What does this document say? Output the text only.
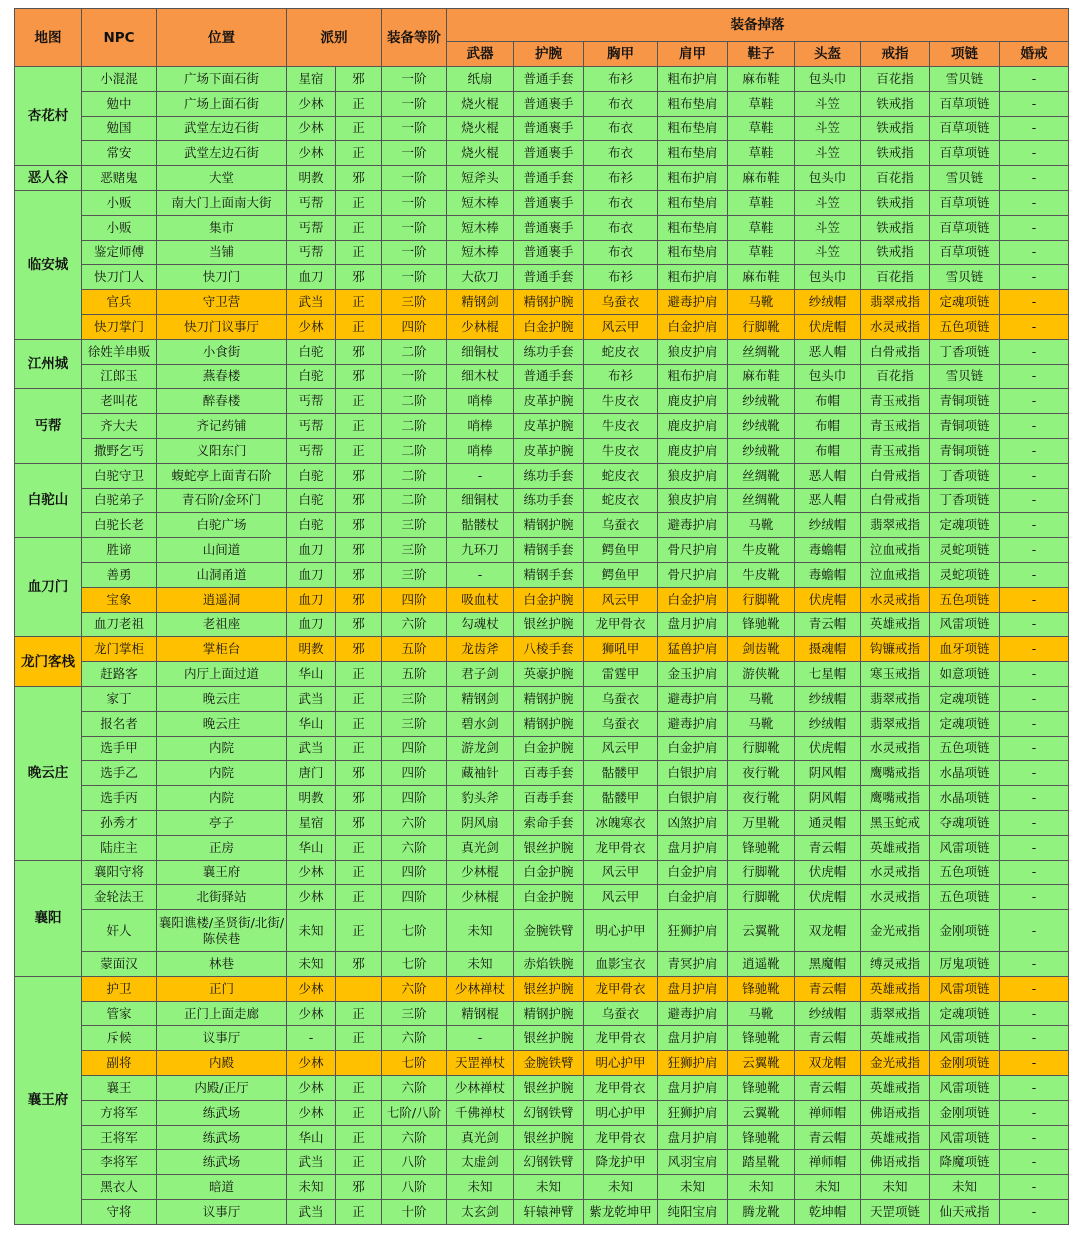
地图	NPC	位置	派别		装备等阶	装备掉落								
						武器	护腕	胸甲	肩甲	鞋子	头盔	戒指	项链	婚戒
杏花村	小混混	广场下面石街	星宿	邪	一阶	纸扇	普通手套	布衫	粗布护肩	麻布鞋	包头巾	百花指	雪贝链	-
	勉中	广场上面石街	少林	正	一阶	烧火棍	普通裹手	布衣	粗布垫肩	草鞋	斗笠	铁戒指	百草项链	-
	勉国	武堂左边石街	少林	正	一阶	烧火棍	普通裹手	布衣	粗布垫肩	草鞋	斗笠	铁戒指	百草项链	-
	常安	武堂左边石街	少林	正	一阶	烧火棍	普通裹手	布衣	粗布垫肩	草鞋	斗笠	铁戒指	百草项链	-
恶人谷	恶赌鬼	大堂	明教	邪	一阶	短斧头	普通手套	布衫	粗布护肩	麻布鞋	包头巾	百花指	雪贝链	-
临安城	小贩	南大门上面南大街	丐帮	正	一阶	短木棒	普通裹手	布衣	粗布垫肩	草鞋	斗笠	铁戒指	百草项链	-
	小贩	集市	丐帮	正	一阶	短木棒	普通裹手	布衣	粗布垫肩	草鞋	斗笠	铁戒指	百草项链	-
	鉴定师傅	当铺	丐帮	正	一阶	短木棒	普通裹手	布衣	粗布垫肩	草鞋	斗笠	铁戒指	百草项链	-
	快刀门人	快刀门	血刀	邪	一阶	大砍刀	普通手套	布衫	粗布护肩	麻布鞋	包头巾	百花指	雪贝链	-
	官兵	守卫营	武当	正	三阶	精钢剑	精钢护腕	乌蚕衣	避毒护肩	马靴	纱绒帽	翡翠戒指	定魂项链	-
	快刀掌门	快刀门议事厅	少林	正	四阶	少林棍	白金护腕	风云甲	白金护肩	行脚靴	伏虎帽	水灵戒指	五色项链	-
江州城	徐姓羊串贩	小食街	白驼	邪	二阶	细铜杖	练功手套	蛇皮衣	狼皮护肩	丝绸靴	恶人帽	白骨戒指	丁香项链	-
	江郎玉	燕春楼	白驼	邪	一阶	细木杖	普通手套	布衫	粗布护肩	麻布鞋	包头巾	百花指	雪贝链	-
丐帮	老叫花	醉春楼	丐帮	正	二阶	哨棒	皮革护腕	牛皮衣	鹿皮护肩	纱绒靴	布帽	青玉戒指	青铜项链	-
	齐大夫	齐记药铺	丐帮	正	二阶	哨棒	皮革护腕	牛皮衣	鹿皮护肩	纱绒靴	布帽	青玉戒指	青铜项链	-
	撒野乞丐	义阳东门	丐帮	正	二阶	哨棒	皮革护腕	牛皮衣	鹿皮护肩	纱绒靴	布帽	青玉戒指	青铜项链	-
白驼山	白驼守卫	蝮蛇亭上面青石阶	白驼	邪	二阶	-	练功手套	蛇皮衣	狼皮护肩	丝绸靴	恶人帽	白骨戒指	丁香项链	-
	白驼弟子	青石阶/金环门	白驼	邪	二阶	细铜杖	练功手套	蛇皮衣	狼皮护肩	丝绸靴	恶人帽	白骨戒指	丁香项链	-
	白驼长老	白驼广场	白驼	邪	三阶	骷髅杖	精钢护腕	乌蚕衣	避毒护肩	马靴	纱绒帽	翡翠戒指	定魂项链	-
血刀门	胜谛	山间道	血刀	邪	三阶	九环刀	精钢手套	鳄鱼甲	骨尺护肩	牛皮靴	毒蟾帽	泣血戒指	灵蛇项链	-
	善勇	山洞甬道	血刀	邪	三阶	-	精钢手套	鳄鱼甲	骨尺护肩	牛皮靴	毒蟾帽	泣血戒指	灵蛇项链	-
	宝象	逍遥洞	血刀	邪	四阶	吸血杖	白金护腕	风云甲	白金护肩	行脚靴	伏虎帽	水灵戒指	五色项链	-
	血刀老祖	老祖座	血刀	邪	六阶	勾魂杖	银丝护腕	龙甲骨衣	盘月护肩	锋驰靴	青云帽	英雄戒指	风雷项链	-
龙门客栈	龙门掌柜	掌柜台	明教	邪	五阶	龙齿斧	八棱手套	狮吼甲	猛兽护肩	剑齿靴	摄魂帽	钩镰戒指	血牙项链	-
	赶路客	内厅上面过道	华山	正	五阶	君子剑	英豪护腕	雷霆甲	金玉护肩	游侠靴	七星帽	寒玉戒指	如意项链	-
晚云庄	家丁	晚云庄	武当	正	三阶	精钢剑	精钢护腕	乌蚕衣	避毒护肩	马靴	纱绒帽	翡翠戒指	定魂项链	-
	报名者	晚云庄	华山	正	三阶	碧水剑	精钢护腕	乌蚕衣	避毒护肩	马靴	纱绒帽	翡翠戒指	定魂项链	-
	选手甲	内院	武当	正	四阶	游龙剑	白金护腕	风云甲	白金护肩	行脚靴	伏虎帽	水灵戒指	五色项链	-
	选手乙	内院	唐门	邪	四阶	藏袖针	百毒手套	骷髅甲	白银护肩	夜行靴	阴风帽	鹰嘴戒指	水晶项链	-
	选手丙	内院	明教	邪	四阶	豹头斧	百毒手套	骷髅甲	白银护肩	夜行靴	阴风帽	鹰嘴戒指	水晶项链	-
	孙秀才	亭子	星宿	邪	六阶	阴风扇	索命手套	冰魄寒衣	凶煞护肩	万里靴	通灵帽	黑玉蛇戒	夺魂项链	-
	陆庄主	正房	华山	正	六阶	真光剑	银丝护腕	龙甲骨衣	盘月护肩	锋驰靴	青云帽	英雄戒指	风雷项链	-
襄阳	襄阳守将	襄王府	少林	正	四阶	少林棍	白金护腕	风云甲	白金护肩	行脚靴	伏虎帽	水灵戒指	五色项链	-
	金轮法王	北街驿站	少林	正	四阶	少林棍	白金护腕	风云甲	白金护肩	行脚靴	伏虎帽	水灵戒指	五色项链	-
	奸人	襄阳谯楼/圣贤街/北街/陈侯巷	未知	正	七阶	未知	金腕铁臂	明心护甲	狂狮护肩	云翼靴	双龙帽	金光戒指	金刚项链	-
	蒙面汉	林巷	未知	邪	七阶	未知	赤焰铁腕	血影宝衣	青冥护肩	逍遥靴	黑魔帽	缚灵戒指	厉鬼项链	-
襄王府	护卫	正门	少林		六阶	少林禅杖	银丝护腕	龙甲骨衣	盘月护肩	锋驰靴	青云帽	英雄戒指	风雷项链	-
	管家	正门上面走廊	少林	正	三阶	精钢棍	精钢护腕	乌蚕衣	避毒护肩	马靴	纱绒帽	翡翠戒指	定魂项链	-
	斥候	议事厅	-	正	六阶	-	银丝护腕	龙甲骨衣	盘月护肩	锋驰靴	青云帽	英雄戒指	风雷项链	-
	副将	内殿	少林		七阶	天罡禅杖	金腕铁臂	明心护甲	狂狮护肩	云翼靴	双龙帽	金光戒指	金刚项链	-
	襄王	内殿/正厅	少林	正	六阶	少林禅杖	银丝护腕	龙甲骨衣	盘月护肩	锋驰靴	青云帽	英雄戒指	风雷项链	-
	方将军	练武场	少林	正	七阶/八阶	千佛禅杖	幻钢铁臂	明心护甲	狂狮护肩	云翼靴	禅师帽	佛语戒指	金刚项链	-
	王将军	练武场	华山	正	六阶	真光剑	银丝护腕	龙甲骨衣	盘月护肩	锋驰靴	青云帽	英雄戒指	风雷项链	-
	李将军	练武场	武当	正	八阶	太虚剑	幻钢铁臂	降龙护甲	风羽宝肩	踏星靴	禅师帽	佛语戒指	降魔项链	-
	黑衣人	暗道	未知	邪	八阶	未知	未知	未知	未知	未知	未知	未知	未知	-
	守将	议事厅	武当	正	十阶	太玄剑	轩辕神臂	紫龙乾坤甲	纯阳宝肩	腾龙靴	乾坤帽	天罡项链	仙天戒指	-
